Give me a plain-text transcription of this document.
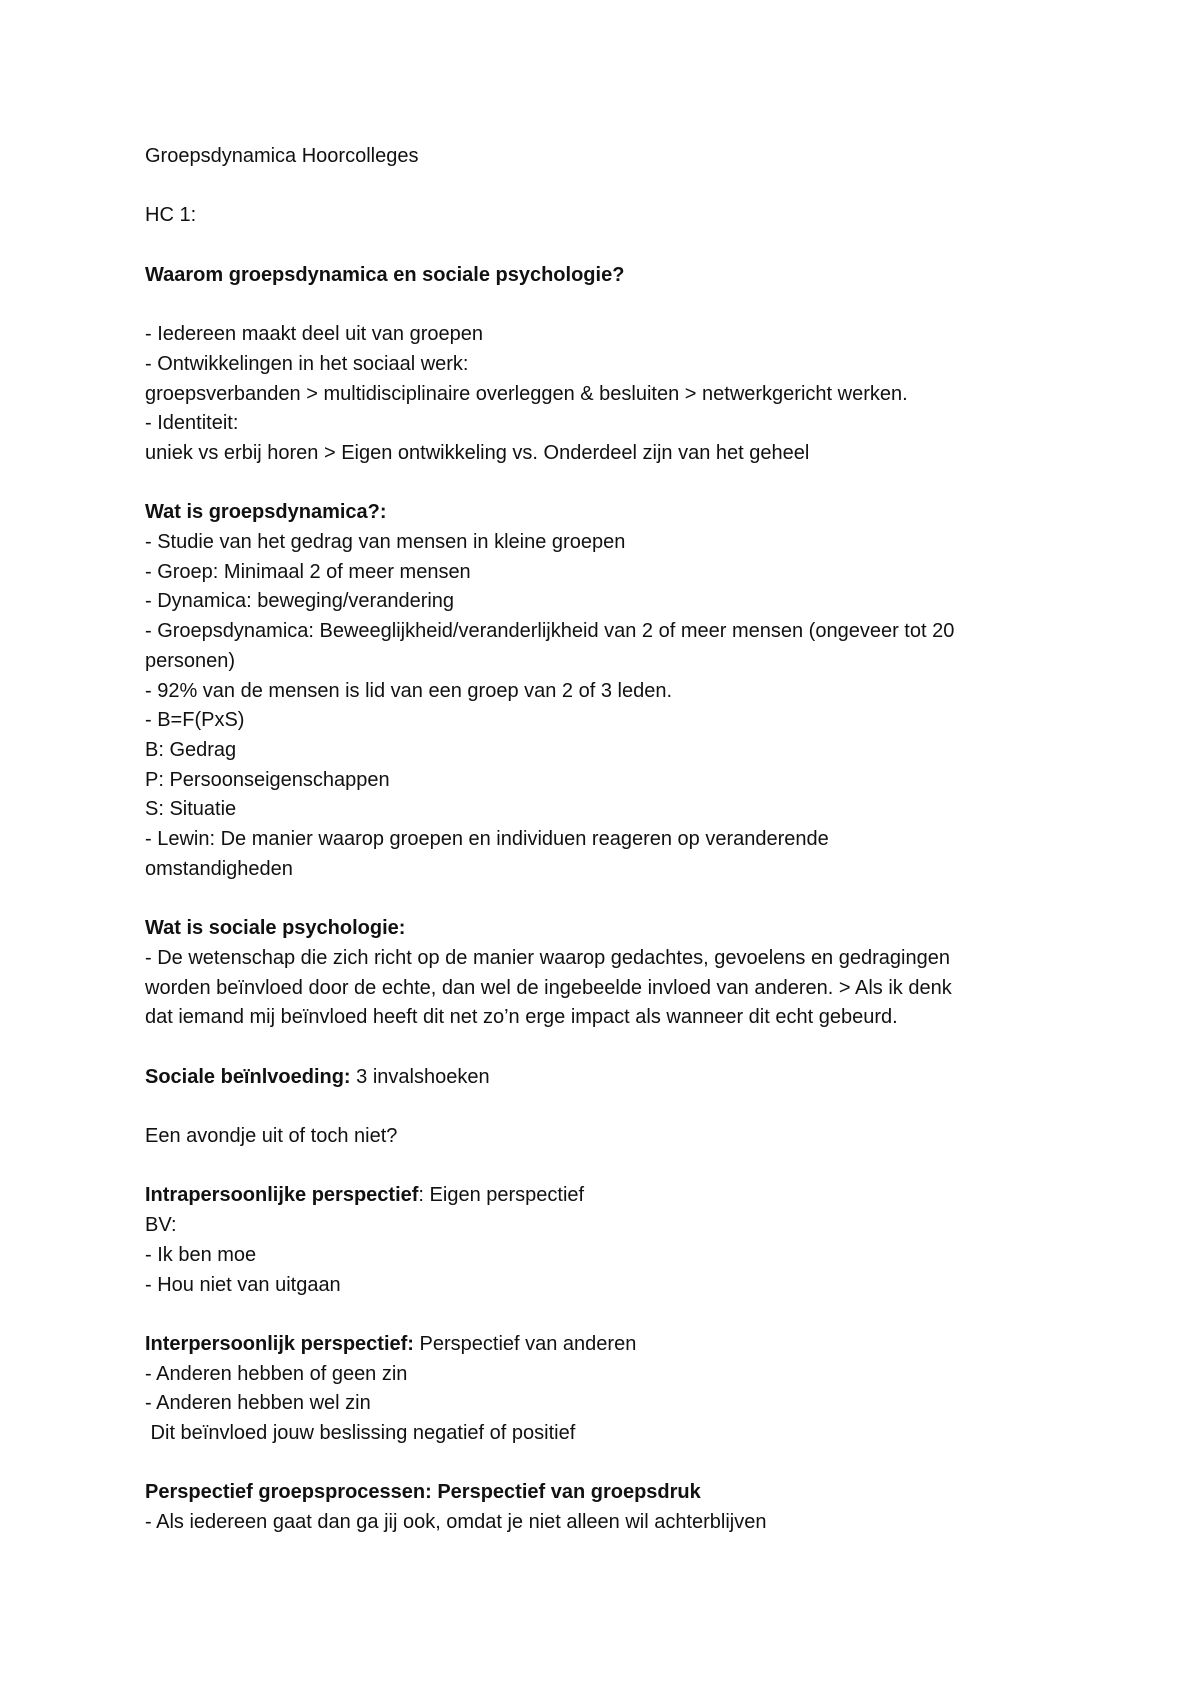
Groepsdynamica Hoorcolleges
HC 1:
Waarom groepsdynamica en sociale psychologie?
- Iedereen maakt deel uit van groepen
- Ontwikkelingen in het sociaal werk:
groepsverbanden > multidisciplinaire overleggen & besluiten > netwerkgericht werken.
- Identiteit:
uniek vs erbij horen > Eigen ontwikkeling vs. Onderdeel zijn van het geheel
Wat is groepsdynamica?:
- Studie van het gedrag van mensen in kleine groepen
- Groep: Minimaal 2 of meer mensen
- Dynamica: beweging/verandering
- Groepsdynamica: Beweeglijkheid/veranderlijkheid van 2 of meer mensen (ongeveer tot 20
personen)
- 92% van de mensen is lid van een groep van 2 of 3 leden.
- B=F(PxS)
B: Gedrag
P: Persoonseigenschappen
S: Situatie
- Lewin: De manier waarop groepen en individuen reageren op veranderende
omstandigheden
Wat is sociale psychologie:
- De wetenschap die zich richt op de manier waarop gedachtes, gevoelens en gedragingen
worden beïnvloed door de echte, dan wel de ingebeelde invloed van anderen. > Als ik denk
dat iemand mij beïnvloed heeft dit net zo’n erge impact als wanneer dit echt gebeurd.
Sociale beïnlvoeding: 3 invalshoeken
Een avondje uit of toch niet?
Intrapersoonlijke perspectief: Eigen perspectief
BV:
- Ik ben moe
- Hou niet van uitgaan
Interpersoonlijk perspectief: Perspectief van anderen
- Anderen hebben of geen zin
- Anderen hebben wel zin
Dit beïnvloed jouw beslissing negatief of positief
Perspectief groepsprocessen: Perspectief van groepsdruk
- Als iedereen gaat dan ga jij ook, omdat je niet alleen wil achterblijven
